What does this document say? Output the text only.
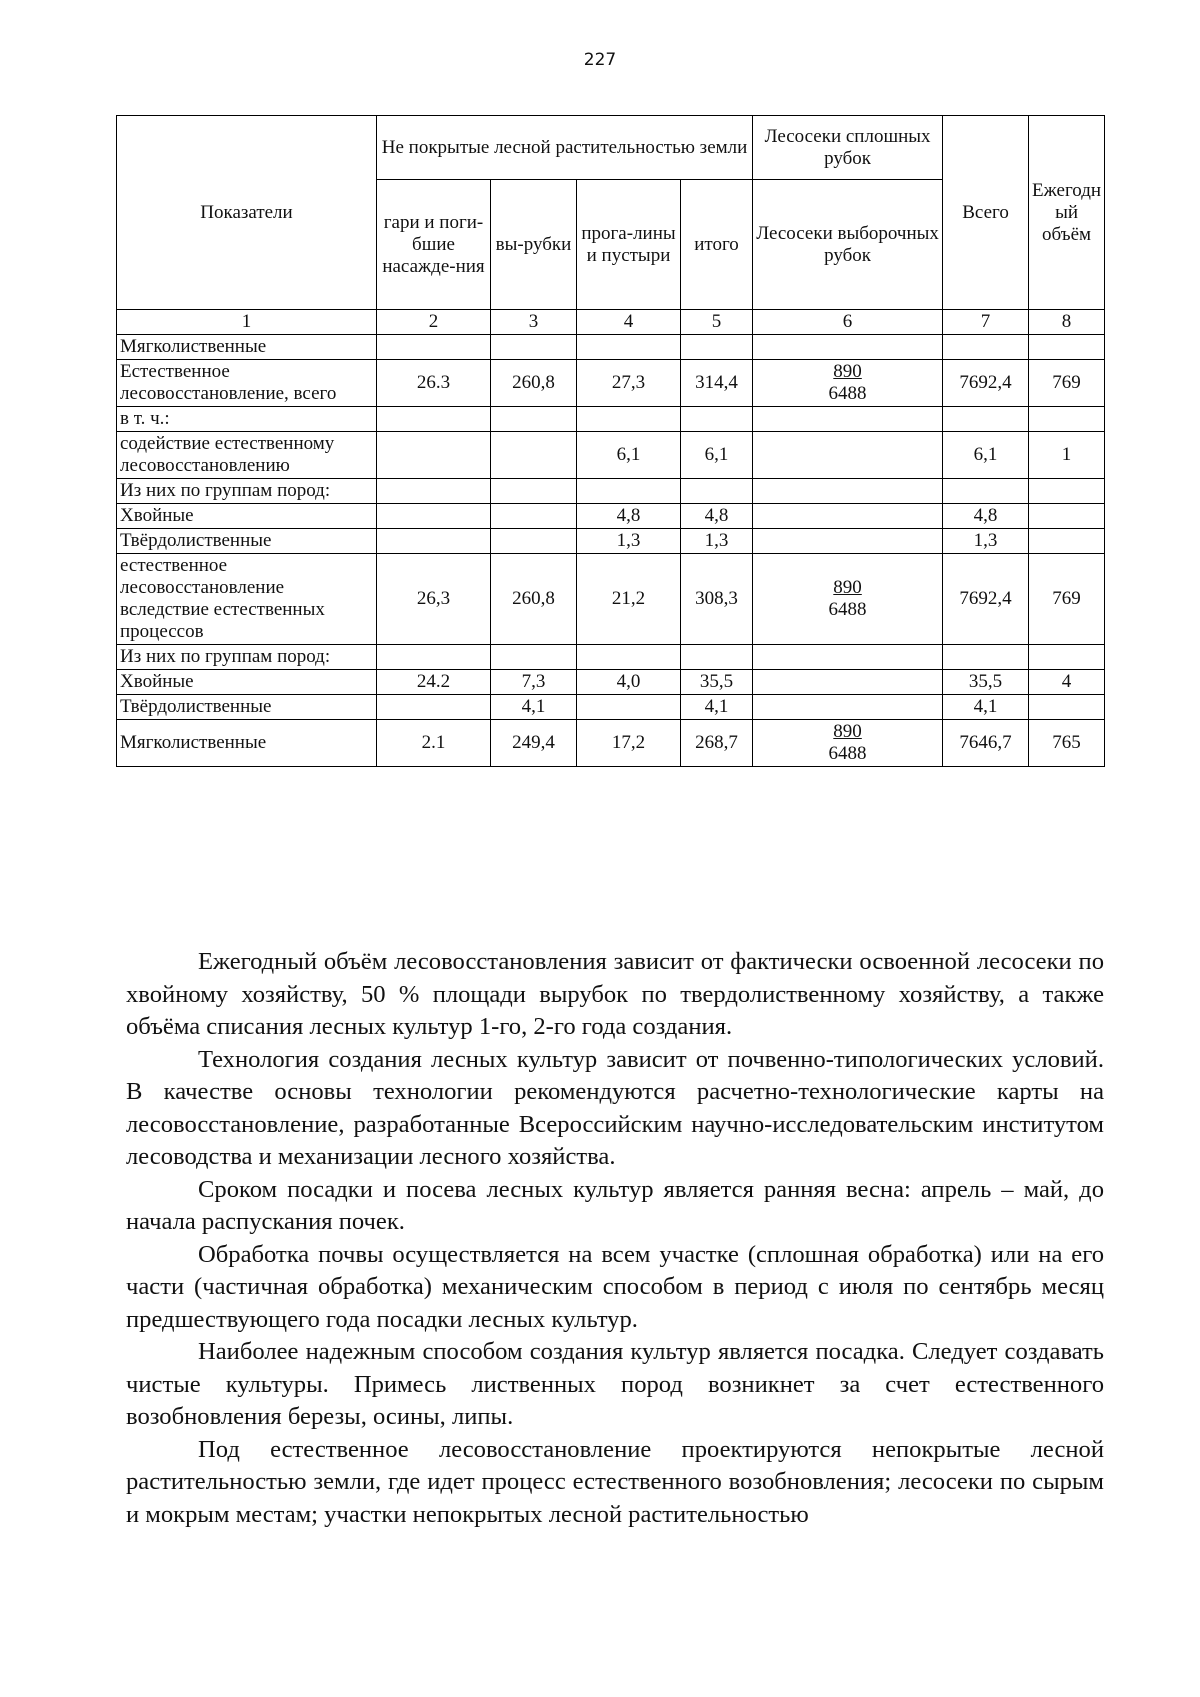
227
Показатели	Не покрытые лесной растительностью земли				Лесосеки сплошных рубок	Всего	Ежегодн ый объём
	гари и поги-бшие насажде-ния	вы-рубки	прога-лины и пустыри	итого	Лесосеки выборочных рубок		
1	2	3	4	5	6	7	8
Мягколиственные							
Естественное лесовосстановление, всего	26.3	260,8	27,3	314,4	$\frac{890}{6488}$	7692,4	769
в т. ч.:							
содействие естественному лесовосстановлению			6,1	6,1		6,1	1
Из них по группам пород:							
Хвойные			4,8	4,8		4,8	
Твёрдолиственные			1,3	1,3		1,3	
естественное лесовосстановление вследствие естественных процессов	26,3	260,8	21,2	308,3	$\frac{890}{6488}$	7692,4	769
Из них по группам пород:							
Хвойные	24.2	7,3	4,0	35,5		35,5	4
Твёрдолиственные		4,1		4,1		4,1	
Мягколиственные	2.1	249,4	17,2	268,7	$\frac{890}{6488}$	7646,7	765

Ежегодный объём лесовосстановления зависит от фактически освоенной лесосеки по хвойному хозяйству, 50 % площади вырубок по твердолиственному хозяйству, а также объёма списания лесных культур 1-го, 2-го года создания.

Технология создания лесных культур зависит от почвенно-типологических условий. В качестве основы технологии рекомендуются расчетно-технологические карты на лесовосстановление, разработанные Всероссийским научно-исследовательским институтом лесоводства и механизации лесного хозяйства.

Сроком посадки и посева лесных культур является ранняя весна: апрель – май, до начала распускания почек.

Обработка почвы осуществляется на всем участке (сплошная обработка) или на его части (частичная обработка) механическим способом в период с июля по сентябрь месяц предшествующего года посадки лесных культур.

Наиболее надежным способом создания культур является посадка. Следует создавать чистые культуры. Примесь лиственных пород возникнет за счет естественного возобновления березы, осины, липы.

Под естественное лесовосстановление проектируются непокрытые лесной растительностью земли, где идет процесс естественного возобновления; лесосеки по сырым и мокрым местам; участки непокрытых лесной растительностью
